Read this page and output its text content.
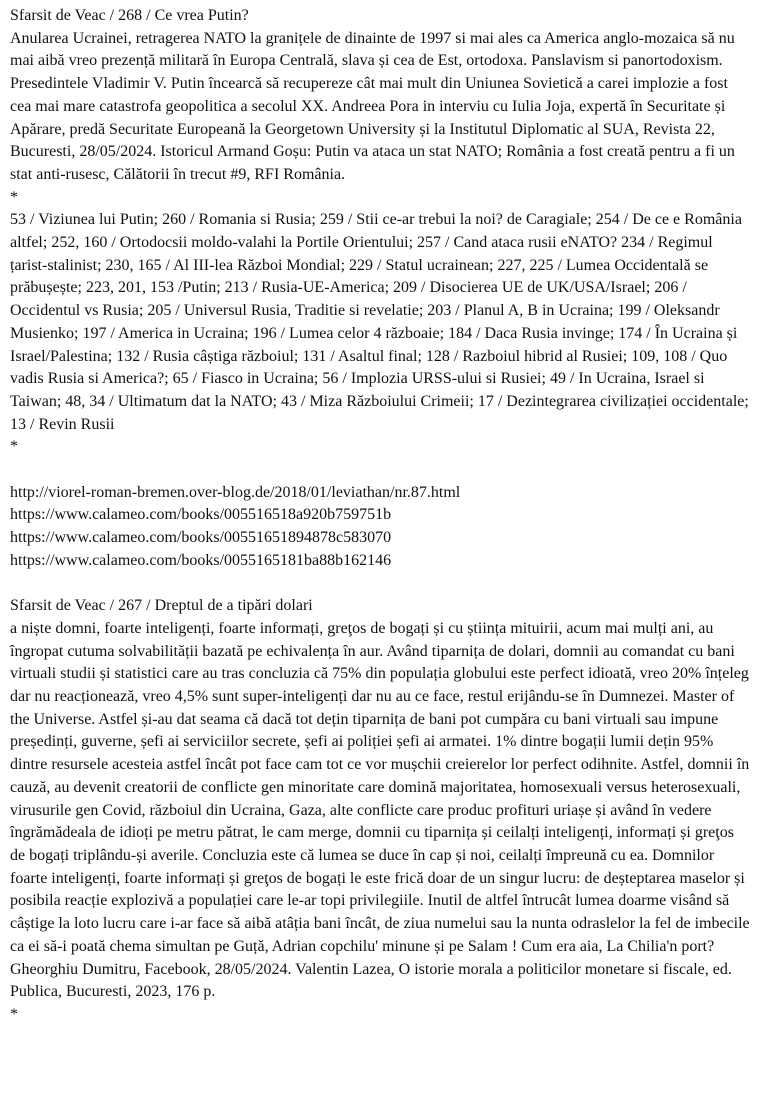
Sfarsit de Veac / 268 / Ce vrea Putin?

Anularea Ucrainei, retragerea NATO la granițele de dinainte de 1997 si mai ales ca America anglo-mozaica să nu mai aibă vreo prezență militară în Europa Centrală, slava și cea de Est, ortodoxa. Panslavism si panortodoxism. Presedintele Vladimir V. Putin încearcă să recupereze cât mai mult din Uniunea Sovietică a carei implozie a fost cea mai mare catastrofa geopolitica a secolul XX. Andreea Pora in interviu cu Iulia Joja, expertă în Securitate și Apărare, predă Securitate Europeană la Georgetown University și la Institutul Diplomatic al SUA, Revista 22, Bucuresti, 28/05/2024. Istoricul Armand Goșu: Putin va ataca un stat NATO; România a fost creată pentru a fi un stat anti-rusesc, Călătorii în trecut #9, RFI România.

*

53 / Viziunea lui Putin; 260 / Romania si Rusia; 259 / Stii ce-ar trebui la noi? de Caragiale; 254 / De ce e România altfel; 252, 160 / Ortodocsii moldo-valahi la Portile Orientului; 257 / Cand ataca rusii eNATO? 234 / Regimul țarist-stalinist; 230, 165 / Al III-lea Război Mondial; 229 / Statul ucrainean; 227, 225 / Lumea Occidentală se prăbușește; 223, 201, 153 /Putin; 213 / Rusia-UE-America; 209 / Disocierea UE de UK/USA/Israel; 206 / Occidentul vs Rusia; 205 / Universul Rusia, Traditie si revelatie; 203 / Planul A, B in Ucraina; 199 / Oleksandr Musienko; 197 / America in Ucraina; 196 / Lumea celor 4 războaie; 184 / Daca Rusia invinge; 174 / În Ucraina și Israel/Palestina; 132 / Rusia câștiga războiul; 131 / Asaltul final; 128 / Razboiul hibrid al Rusiei; 109, 108 / Quo vadis Rusia si America?; 65 / Fiasco in Ucraina; 56 / Implozia URSS-ului si Rusiei; 49 / In Ucraina, Israel si Taiwan; 48, 34 / Ultimatum dat la NATO; 43 / Miza Războiului Crimeii; 17 / Dezintegrarea civilizației occidentale; 13 / Revin Rusii

*

http://viorel-roman-bremen.over-blog.de/2018/01/leviathan/nr.87.html
https://www.calameo.com/books/005516518a920b759751b
https://www.calameo.com/books/00551651894878c583070
https://www.calameo.com/books/0055165181ba88b162146

Sfarsit de Veac / 267 / Dreptul de a tipări dolari

a niște domni, foarte inteligenți, foarte informați, greţos de bogați și cu știința mituirii, acum mai mulți ani, au îngropat cutuma solvabilității bazată pe echivalența în aur. Având tiparnița de dolari, domnii au comandat cu bani virtuali studii și statistici care au tras concluzia că 75% din populația globului este perfect idioată, vreo 20% înțeleg dar nu reacționează, vreo 4,5% sunt super-inteligenți dar nu au ce face, restul erijându-se în Dumnezei. Master of the Universe. Astfel și-au dat seama că dacă tot dețin tiparnița de bani pot cumpăra cu bani virtuali sau impune președinți, guverne, șefi ai serviciilor secrete, șefi ai poliției șefi ai armatei. 1% dintre bogații lumii dețin 95% dintre resursele acesteia astfel încât pot face cam tot ce vor mușchii creierelor lor perfect odihnite. Astfel, domnii în cauză, au devenit creatorii de conflicte gen minoritate care domină majoritatea, homosexuali versus heterosexuali, virusurile gen Covid, războiul din Ucraina, Gaza, alte conflicte care produc profituri uriașe și având în vedere îngrămădeala de idioți pe metru pătrat, le cam merge, domnii cu tiparnița și ceilalți inteligenți, informați și greţos de bogați triplându-și averile. Concluzia este că lumea se duce în cap și noi, ceilalți împreună cu ea. Domnilor foarte inteligenți, foarte informați și greţos de bogați le este frică doar de un singur lucru: de deșteptarea maselor și posibila reacție explozivă a populației care le-ar topi privilegiile. Inutil de altfel întrucât lumea doarme visând să câștige la loto lucru care i-ar face să aibă atâția bani încât, de ziua numelui sau la nunta odraslelor la fel de imbecile ca ei să-i poată chema simultan pe Guță, Adrian copchilu' minune și pe Salam ! Cum era aia, La Chilia'n port? Gheorghiu Dumitru, Facebook, 28/05/2024. Valentin Lazea, O istorie morala a politicilor monetare si fiscale, ed. Publica, Bucuresti, 2023, 176 p.

*
